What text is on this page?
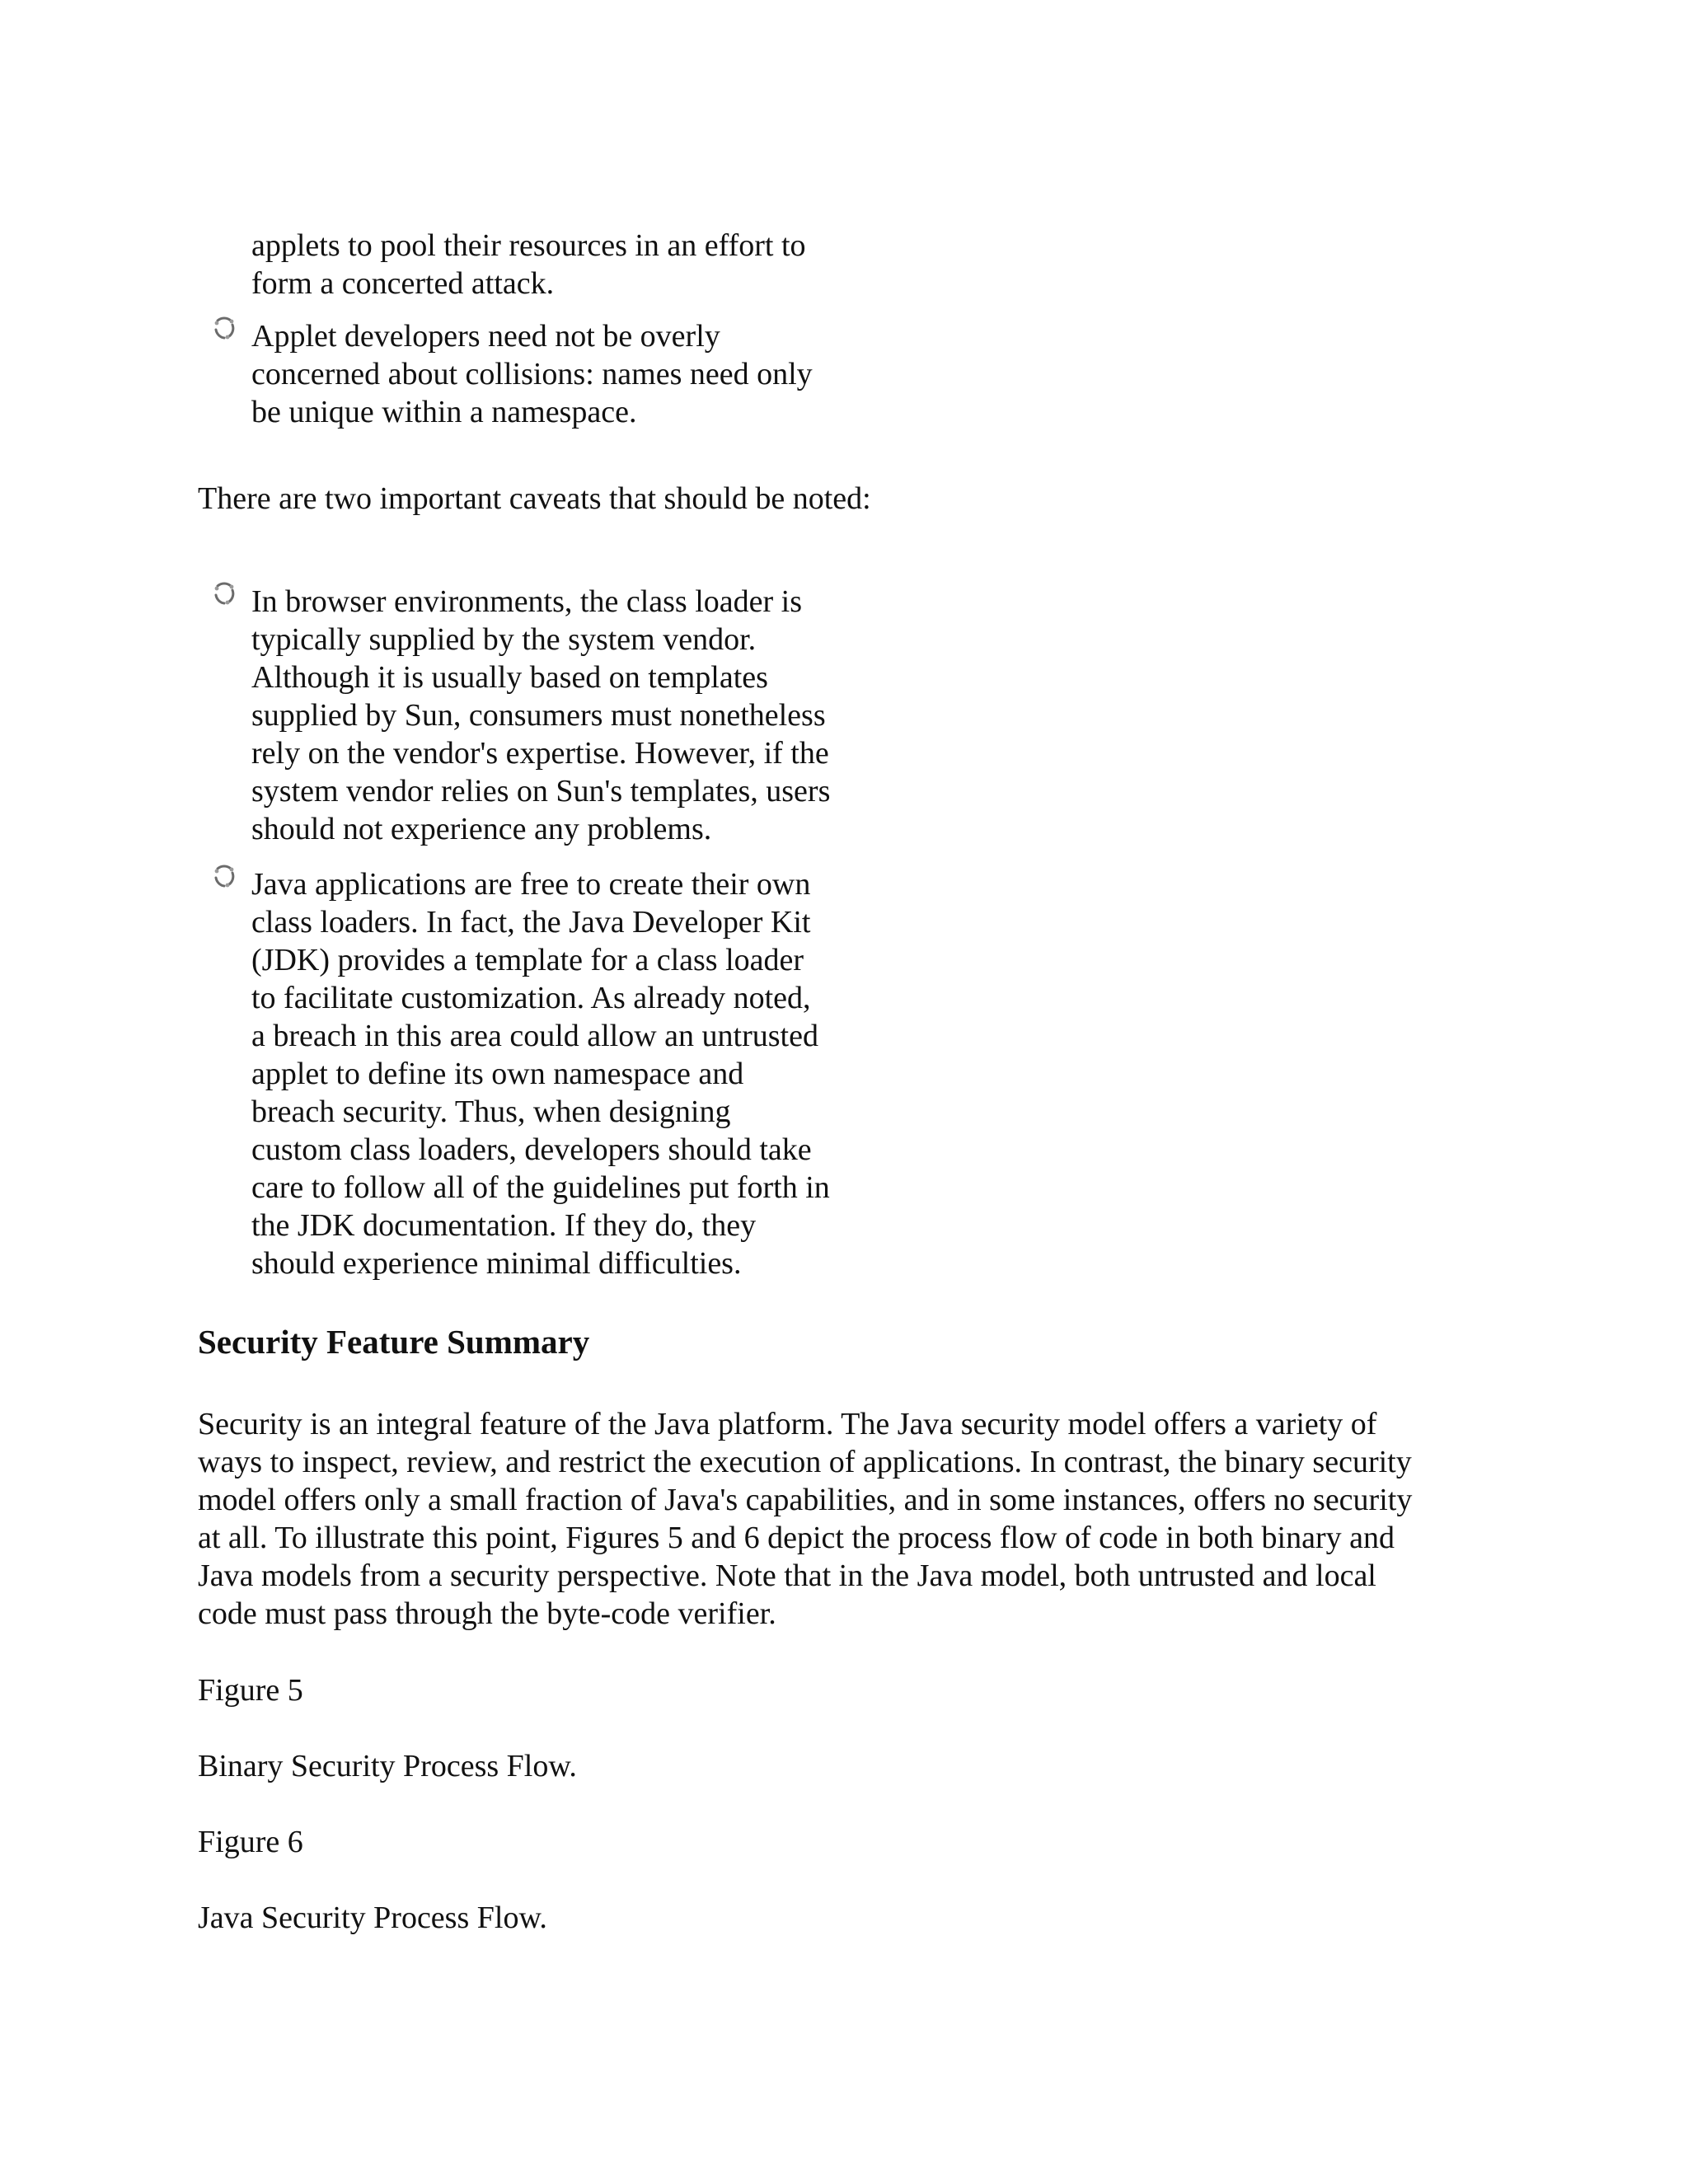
applets to pool their resources in an effort to
form a concerted attack.
Applet developers need not be overly
concerned about collisions: names need only
be unique within a namespace.
There are two important caveats that should be noted:
In browser environments, the class loader is
typically supplied by the system vendor.
Although it is usually based on templates
supplied by Sun, consumers must nonetheless
rely on the vendor's expertise. However, if the
system vendor relies on Sun's templates, users
should not experience any problems.
Java applications are free to create their own
class loaders. In fact, the Java Developer Kit
(JDK) provides a template for a class loader
to facilitate customization. As already noted,
a breach in this area could allow an untrusted
applet to define its own namespace and
breach security. Thus, when designing
custom class loaders, developers should take
care to follow all of the guidelines put forth in
the JDK documentation. If they do, they
should experience minimal difficulties.
Security Feature Summary
Security is an integral feature of the Java platform. The Java security model offers a variety of
ways to inspect, review, and restrict the execution of applications. In contrast, the binary security
model offers only a small fraction of Java's capabilities, and in some instances, offers no security
at all. To illustrate this point, Figures 5 and 6 depict the process flow of code in both binary and
Java models from a security perspective. Note that in the Java model, both untrusted and local
code must pass through the byte-code verifier.
Figure 5
Binary Security Process Flow.
Figure 6
Java Security Process Flow.
